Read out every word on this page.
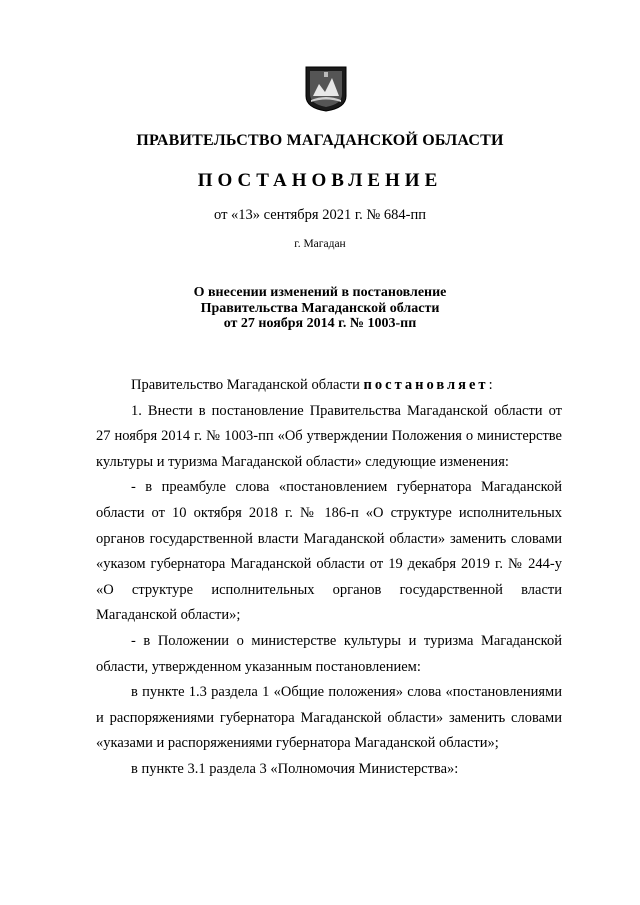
ПРАВИТЕЛЬСТВО МАГАДАНСКОЙ ОБЛАСТИ
ПОСТАНОВЛЕНИЕ
от «13» сентября 2021 г. № 684-пп
г. Магадан
О внесении изменений в постановление
Правительства Магаданской области
от 27 ноября 2014 г. № 1003-пп

Правительство Магаданской области постановляет:

1. Внести в постановление Правительства Магаданской области от 27 ноября 2014 г. № 1003-пп «Об утверждении Положения о министерстве культуры и туризма Магаданской области» следующие изменения:

- в преамбуле слова «постановлением губернатора Магаданской области от 10 октября 2018 г. № 186-п «О структуре исполнительных органов государственной власти Магаданской области» заменить словами «указом губернатора Магаданской области от 19 декабря 2019 г. № 244-у «О структуре исполнительных органов государственной власти Магаданской области»;

- в Положении о министерстве культуры и туризма Магаданской области, утвержденном указанным постановлением:

в пункте 1.3 раздела 1 «Общие положения» слова «постановлениями и распоряжениями губернатора Магаданской области» заменить словами «указами и распоряжениями губернатора Магаданской области»;

в пункте 3.1 раздела 3 «Полномочия Министерства»:
